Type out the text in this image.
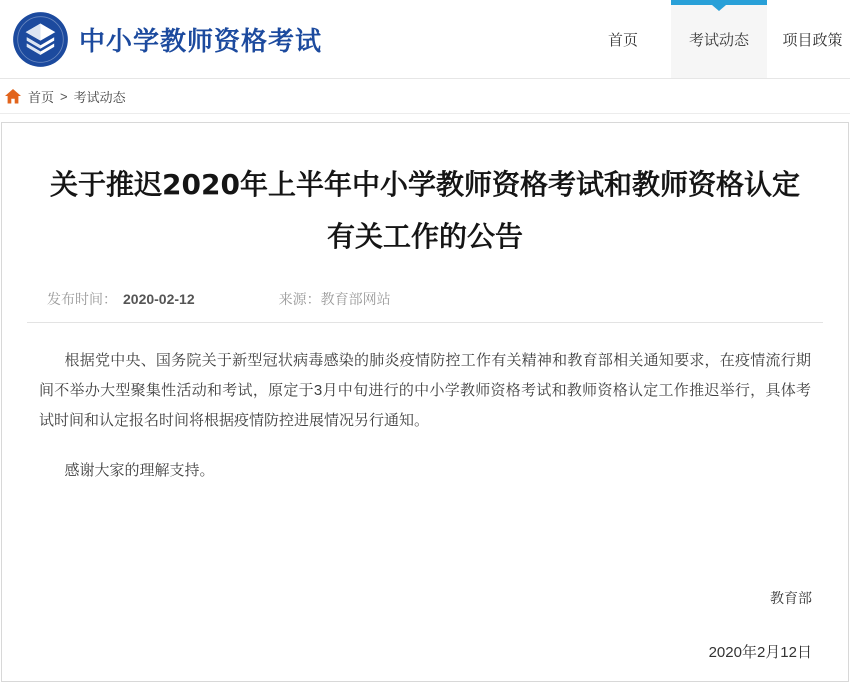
中小学教师资格考试	首页	考试动态 项目政策
首页 > 考试动态
关于推迟2020年上半年中小学教师资格考试和教师资格认定有关工作的公告
发布时间： 2020-02-12	来源： 教育部网站

根据党中央、国务院关于新型冠状病毒感染的肺炎疫情防控工作有关精神和教育部相关通知要求，在疫情流行期间不举办大型聚集性活动和考试，原定于3月中旬进行的中小学教师资格考试和教师资格认定工作推迟举行，具体考试时间和认定报名时间将根据疫情防控进展情况另行通知。

感谢大家的理解支持。

教育部
2020年2月12日
